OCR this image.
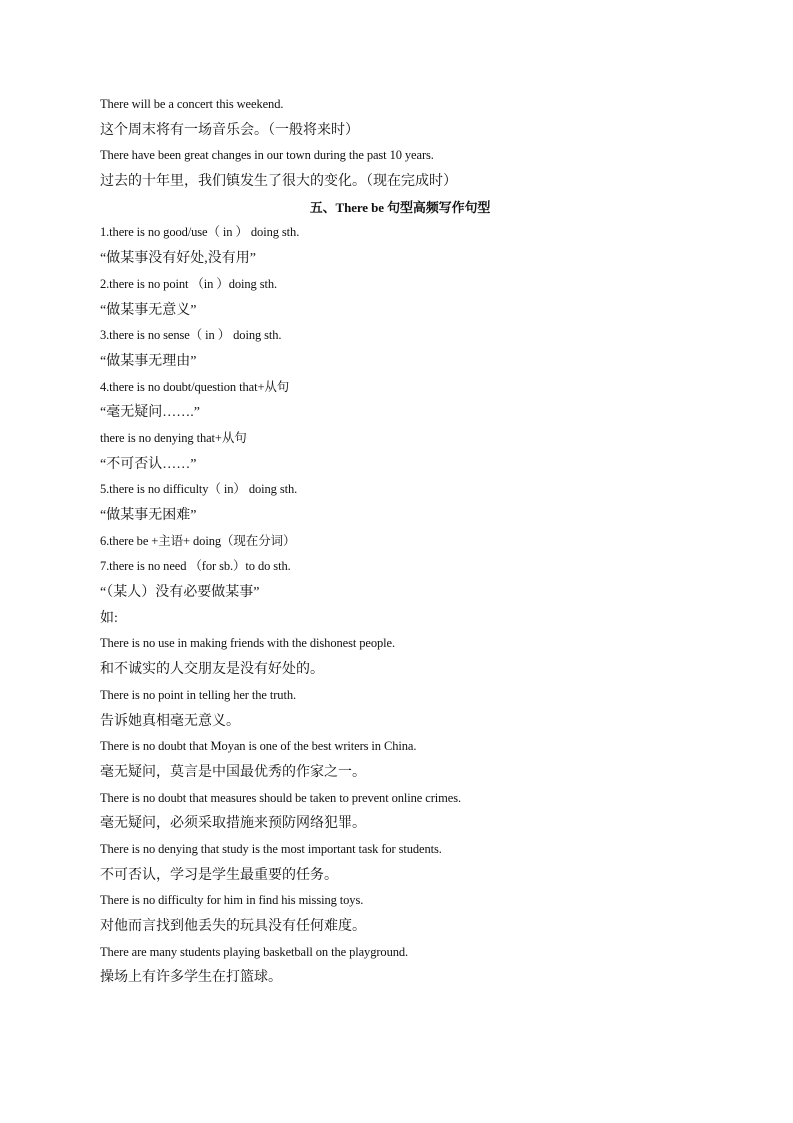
There will be a concert this weekend.
这个周末将有一场音乐会。（一般将来时）
There have been great changes in our town during the past 10 years.
过去的十年里，我们镇发生了很大的变化。（现在完成时）
五、There be 句型高频写作句型
1.there is no good/use（ in ） doing sth.
“做某事没有好处,没有用”
2.there is no point （in ）doing sth.
“做某事无意义”
3.there is no sense（ in ） doing sth.
“做某事无理由”
4.there is no doubt/question that+从句
“毫无疑问…….”
there is no denying that+从句
“不可否认……”
5.there is no difficulty（ in） doing sth.
“做某事无困难”
6.there be +主语+ doing（现在分词）
7.there is no need （for sb.）to do sth.
“（某人）没有必要做某事”
如:
There is no use in making friends with the dishonest people.
和不诚实的人交朋友是没有好处的。
There is no point in telling her the truth.
告诉她真相毫无意义。
There is no doubt that Moyan is one of the best writers in China.
毫无疑问，莫言是中国最优秀的作家之一。
There is no doubt that measures should be taken to prevent online crimes.
毫无疑问，必须采取措施来预防网络犯罪。
There is no denying that study is the most important task for students.
不可否认，学习是学生最重要的任务。
There is no difficulty for him in find his missing toys.
对他而言找到他丢失的玩具没有任何难度。
There are many students playing basketball on the playground.
操场上有许多学生在打篮球。
